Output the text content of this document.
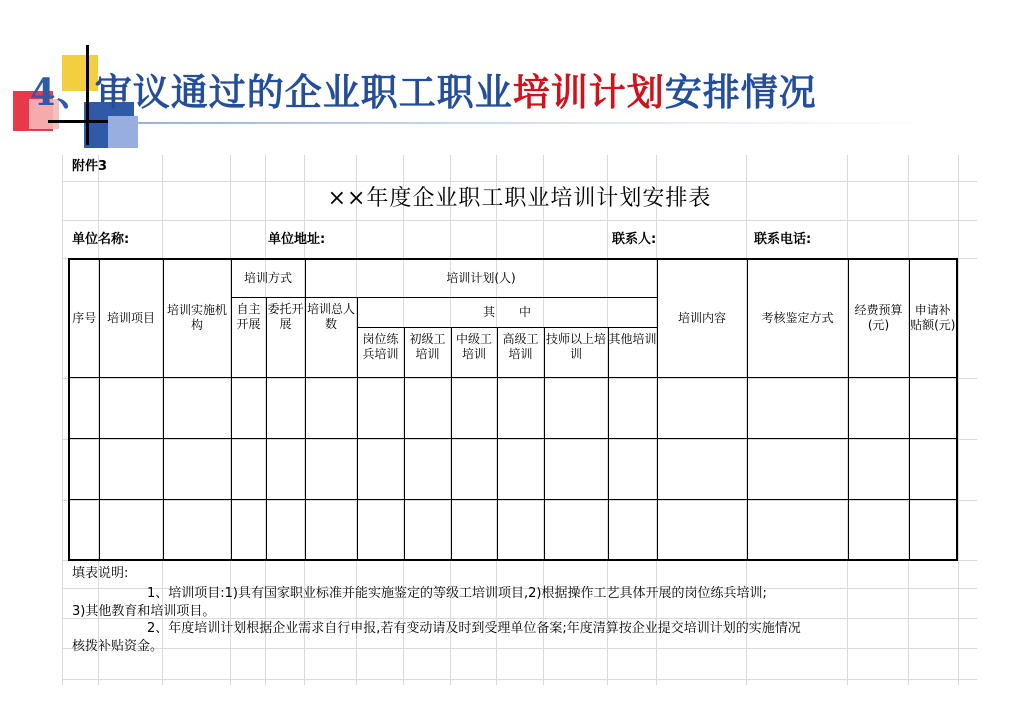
4、审议通过的企业职工职业培训计划安排情况
附件3
××年度企业职工职业培训计划安排表
单位名称:	单位地址:	联系人:	联系电话:
序号	培训项目	培训实施机构	培训方式		培训计划(人)							培训内容	考核鉴定方式	经费预算(元)	申请补贴额(元)
			自主开展	委托开展	培训总人　数	其　　中									
						岗位练兵培训	初级工培训	中级工培训	高级工培训	技师以上培训	其他培训				

填表说明:
1、培训项目:1)具有国家职业标准并能实施鉴定的等级工培训项目,2)根据操作工艺具体开展的岗位练兵培训;
3)其他教育和培训项目。
2、年度培训计划根据企业需求自行申报,若有变动请及时到受理单位备案;年度清算按企业提交培训计划的实施情况
核拨补贴资金。
